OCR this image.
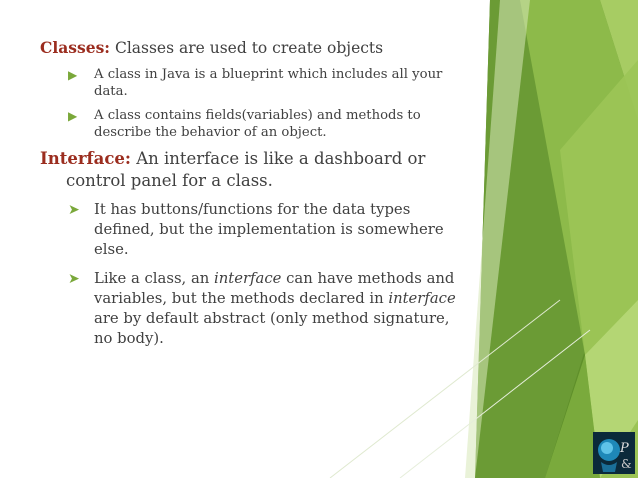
Classes: Classes are used to create objects

▶ A class in Java is a blueprint which includes all your data.
▶ A class contains fields(variables) and methods to describe the behavior of an object.

Interface: An interface is like a dashboard or control panel for a class.

➤ It has buttons/functions for the data types defined, but the implementation is somewhere else.
➤ Like a class, an interface can have methods and variables, but the methods declared in interface are by default abstract (only method signature, no body).
P
&
